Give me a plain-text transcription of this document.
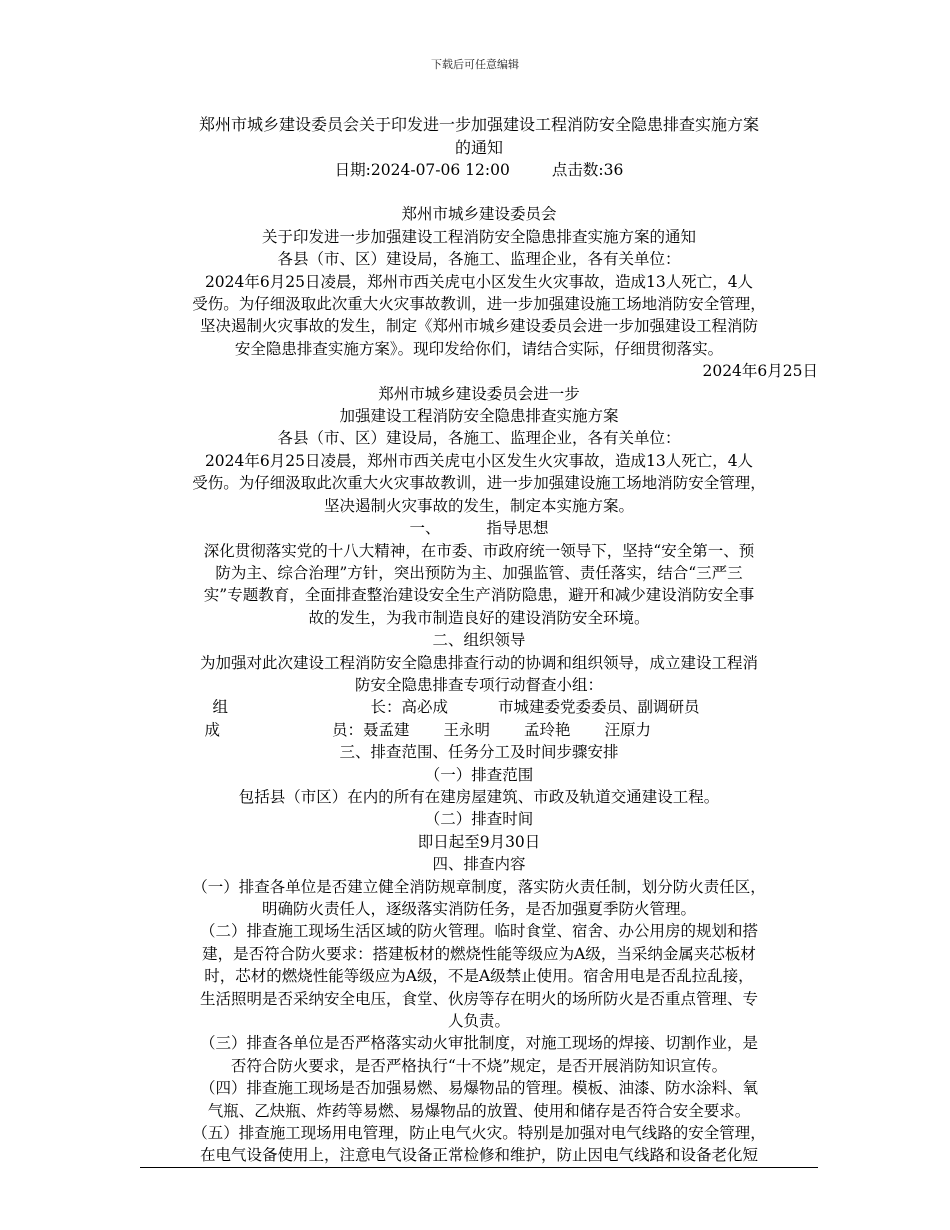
下载后可任意编辑

郑州市城乡建设委员会关于印发进一步加强建设工程消防安全隐患排查实施方案

的通知

日期:2024-07-06 12:00	点击数:36

郑州市城乡建设委员会

关于印发进一步加强建设工程消防安全隐患排查实施方案的通知

各县（市、区）建设局，各施工、监理企业，各有关单位：

2024年6月25日凌晨，郑州市西关虎屯小区发生火灾事故，造成13人死亡，4人

受伤。为仔细汲取此次重大火灾事故教训，进一步加强建设施工场地消防安全管理，

坚决遏制火灾事故的发生，制定《郑州市城乡建设委员会进一步加强建设工程消防

安全隐患排查实施方案》。现印发给你们，请结合实际，仔细贯彻落实。

2024年6月25日

郑州市城乡建设委员会进一步

加强建设工程消防安全隐患排查实施方案

各县（市、区）建设局，各施工、监理企业，各有关单位：

2024年6月25日凌晨，郑州市西关虎屯小区发生火灾事故，造成13人死亡，4人

受伤。为仔细汲取此次重大火灾事故教训，进一步加强建设施工场地消防安全管理，

坚决遏制火灾事故的发生，制定本实施方案。

一、	指导思想

深化贯彻落实党的十八大精神，在市委、市政府统一领导下，坚持“安全第一、预

防为主、综合治理”方针，突出预防为主、加强监管、责任落实，结合“三严三

实”专题教育，全面排查整治建设安全生产消防隐患，避开和减少建设消防安全事

故的发生，为我市制造良好的建设消防安全环境。

二、组织领导

为加强对此次建设工程消防安全隐患排查行动的协调和组织领导，成立建设工程消

防安全隐患排查专项行动督查小组：

组	长：高必成	市城建委党委委员、副调研员
成	员：聂孟建 王永明 孟玲艳 汪原力

三、排查范围、任务分工及时间步骤安排

（一）排查范围

包括县（市区）在内的所有在建房屋建筑、市政及轨道交通建设工程。

（二）排查时间

即日起至9月30日

四、排查内容

（一）排查各单位是否建立健全消防规章制度，落实防火责任制，划分防火责任区，

明确防火责任人，逐级落实消防任务，是否加强夏季防火管理。

（二）排查施工现场生活区域的防火管理。临时食堂、宿舍、办公用房的规划和搭

建，是否符合防火要求：搭建板材的燃烧性能等级应为A级，当采纳金属夹芯板材

时，芯材的燃烧性能等级应为A级，不是A级禁止使用。宿舍用电是否乱拉乱接，

生活照明是否采纳安全电压，食堂、伙房等存在明火的场所防火是否重点管理、专

人负责。

（三）排查各单位是否严格落实动火审批制度，对施工现场的焊接、切割作业，是

否符合防火要求，是否严格执行“十不烧”规定，是否开展消防知识宣传。

（四）排查施工现场是否加强易燃、易爆物品的管理。模板、油漆、防水涂料、氧

气瓶、乙炔瓶、炸药等易燃、易爆物品的放置、使用和储存是否符合安全要求。

（五）排查施工现场用电管理，防止电气火灾。特别是加强对电气线路的安全管理，

在电气设备使用上，注意电气设备正常检修和维护，防止因电气线路和设备老化短
